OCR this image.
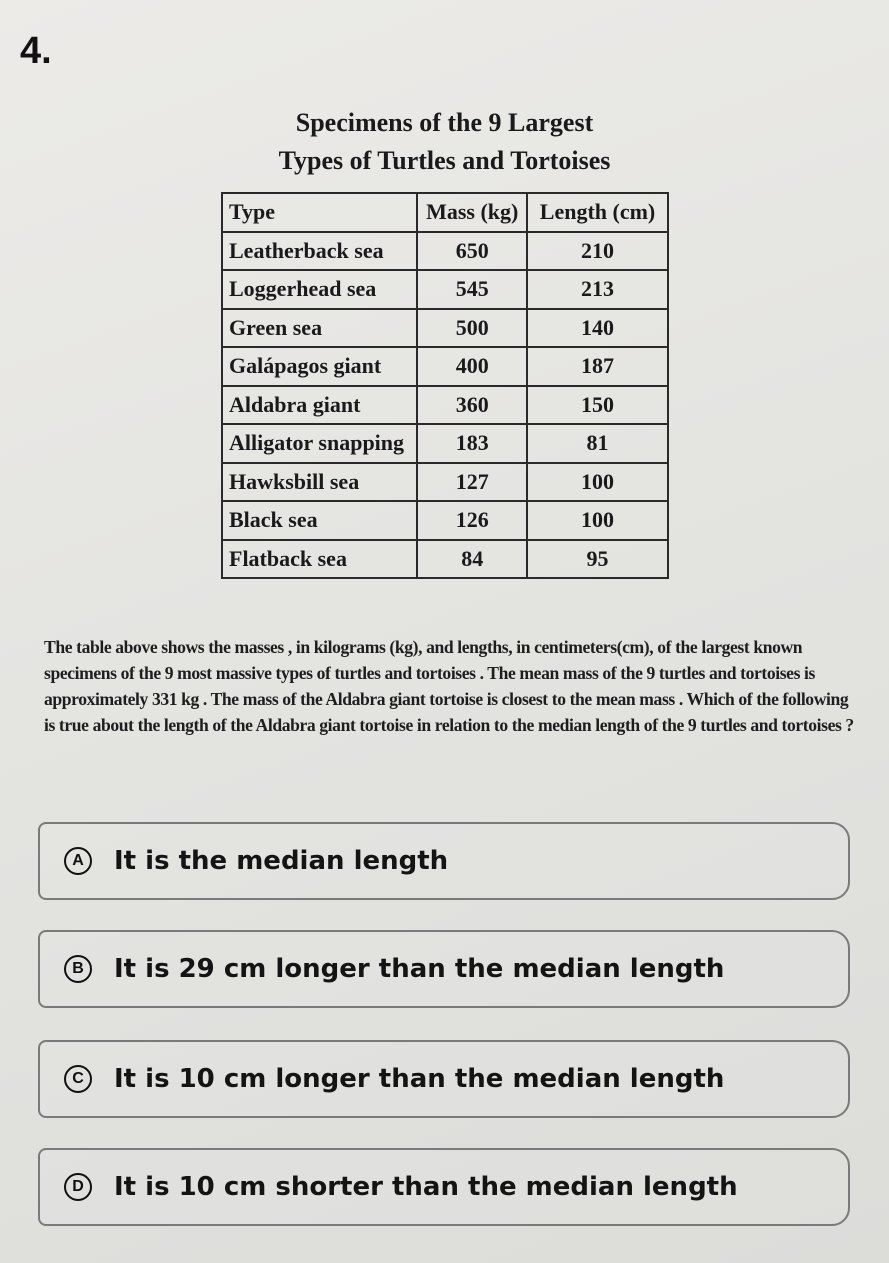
4.
Specimens of the 9 Largest
Types of Turtles and Tortoises
Type	Mass (kg)	Length (cm)
Leatherback sea	650	210
Loggerhead sea	545	213
Green sea	500	140
Galápagos giant	400	187
Aldabra giant	360	150
Alligator snapping	183	81
Hawksbill sea	127	100
Black sea	126	100
Flatback sea	84	95
The table above shows the masses , in kilograms (kg), and lengths, in centimeters(cm), of the largest known specimens of the 9 most massive types of turtles and tortoises . The mean mass of the 9 turtles and tortoises is approximately 331 kg . The mass of the Aldabra giant tortoise is closest to the mean mass . Which of the following is true about the length of the Aldabra giant tortoise in relation to the median length of the 9 turtles and tortoises ?
A	It is the median length
B	It is 29 cm longer than the median length
C	It is 10 cm longer than the median length
D	It is 10 cm shorter than the median length
